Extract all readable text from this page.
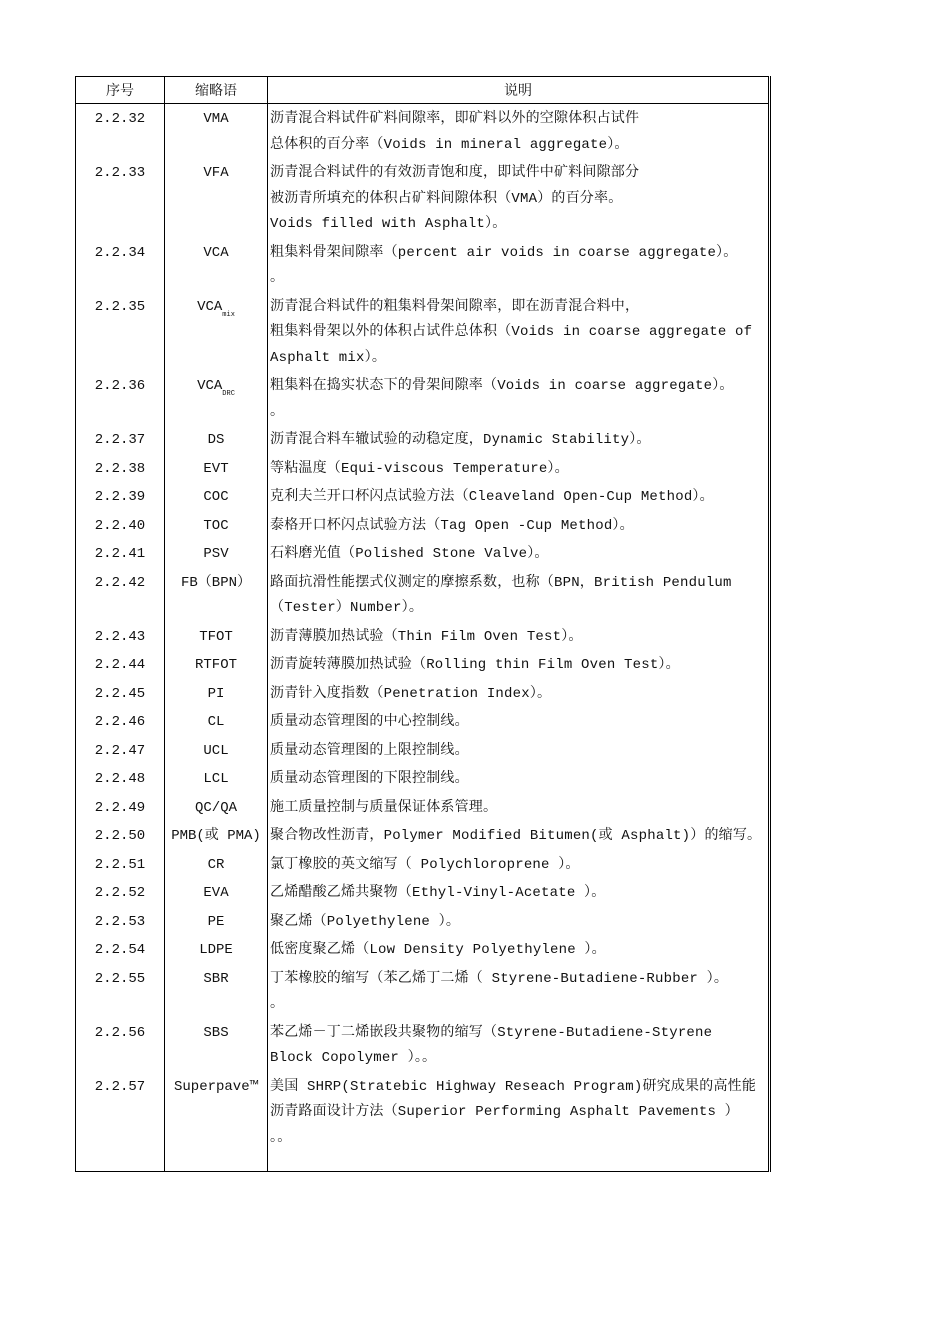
序号	缩略语	说明
2.2.32	VMA	沥青混合料试件矿料间隙率，即矿料以外的空隙体积占试件
总体积的百分率（Voids in mineral aggregate）。

2.2.33	VFA	沥青混合料试件的有效沥青饱和度，即试件中矿料间隙部分
被沥青所填充的体积占矿料间隙体积（VMA）的百分率。
Voids filled with Asphalt）。

2.2.34	VCA	粗集料骨架间隙率（percent air voids in coarse aggregate）。
。

2.2.35	$VCA_{mix}$	沥青混合料试件的粗集料骨架间隙率，即在沥青混合料中，
粗集料骨架以外的体积占试件总体积（Voids in coarse aggregate of
Asphalt mix）。

2.2.36	$VCA_{DRC}$	粗集料在捣实状态下的骨架间隙率（Voids in coarse aggregate）。
。

2.2.37	DS	沥青混合料车辙试验的动稳定度，Dynamic Stability）。

2.2.38	EVT	等粘温度（Equi-viscous Temperature）。

2.2.39	COC	克利夫兰开口杯闪点试验方法（Cleaveland Open-Cup Method）。

2.2.40	TOC	泰格开口杯闪点试验方法（Tag Open -Cup Method）。

2.2.41	PSV	石料磨光值（Polished Stone Valve）。

2.2.42	FB（BPN）	路面抗滑性能摆式仪测定的摩擦系数，也称（BPN，British Pendulum
（Tester）Number）。

2.2.43	TFOT	沥青薄膜加热试验（Thin Film Oven Test）。

2.2.44	RTFOT	沥青旋转薄膜加热试验（Rolling thin Film Oven Test）。

2.2.45	PI	沥青针入度指数（Penetration Index）。

2.2.46	CL	质量动态管理图的中心控制线。

2.2.47	UCL	质量动态管理图的上限控制线。

2.2.48	LCL	质量动态管理图的下限控制线。

2.2.49	QC/QA	施工质量控制与质量保证体系管理。

2.2.50	PMB(或 PMA)	聚合物改性沥青，Polymer Modified Bitumen(或 Asphalt)）的缩写。

2.2.51	CR	氯丁橡胶的英文缩写（ Polychloroprene ）。

2.2.52	EVA	乙烯醋酸乙烯共聚物（Ethyl-Vinyl-Acetate ）。

2.2.53	PE	聚乙烯（Polyethylene ）。

2.2.54	LDPE	低密度聚乙烯（Low Density Polyethylene ）。

2.2.55	SBR	丁苯橡胶的缩写（苯乙烯丁二烯（ Styrene-Butadiene-Rubber ）。
。

2.2.56	SBS	苯乙烯－丁二烯嵌段共聚物的缩写（Styrene-Butadiene-Styrene
Block Copolymer ）。。

2.2.57	Superpave™	美国 SHRP(Stratebic Highway Reseach Program)研究成果的高性能
沥青路面设计方法（Superior Performing Asphalt Pavements ）
。。
